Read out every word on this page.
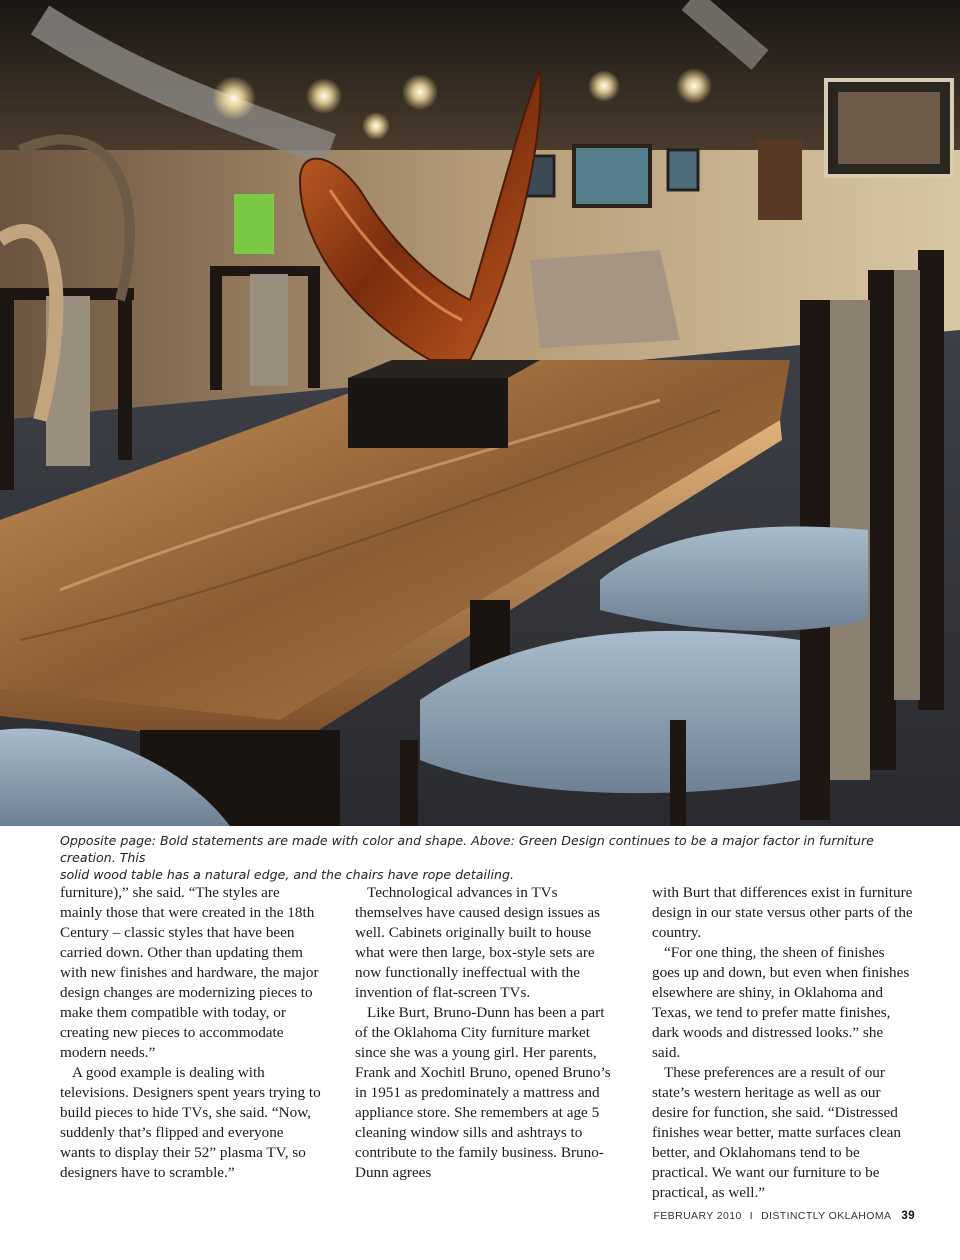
Opposite page: Bold statements are made with color and shape. Above: Green Design continues to be a major factor in furniture creation. This

solid wood table has a natural edge, and the chairs have rope detailing.

furniture),” she said. “The styles are mainly those that were created in the 18th Century – classic styles that have been carried down. Other than updating them with new finishes and hardware, the major design changes are modernizing pieces to make them compatible with today, or creating new pieces to accommodate modern needs.”

A good example is dealing with televisions. Designers spent years trying to build pieces to hide TVs, she said. “Now, suddenly that’s flipped and everyone wants to display their 52” plasma TV, so designers have to scramble.”

Technological advances in TVs themselves have caused design issues as well. Cabinets originally built to house what were then large, box-style sets are now functionally ineffectual with the invention of flat-screen TVs.

Like Burt, Bruno-Dunn has been a part of the Oklahoma City furniture market since she was a young girl. Her parents, Frank and Xochitl Bruno, opened Bruno’s in 1951 as predominately a mattress and appliance store. She remembers at age 5 cleaning window sills and ashtrays to contribute to the family business. Bruno-Dunn agrees

with Burt that differences exist in furniture design in our state versus other parts of the country.

“For one thing, the sheen of finishes goes up and down, but even when finishes elsewhere are shiny, in Oklahoma and Texas, we tend to prefer matte finishes, dark woods and distressed looks.” she said.

These preferences are a result of our state’s western heritage as well as our desire for function, she said. “Distressed finishes wear better, matte surfaces clean better, and Oklahomans tend to be practical. We want our furniture to be practical, as well.”

FEBRUARY 2010 I DISTINCTLY OKLAHOMA 39
